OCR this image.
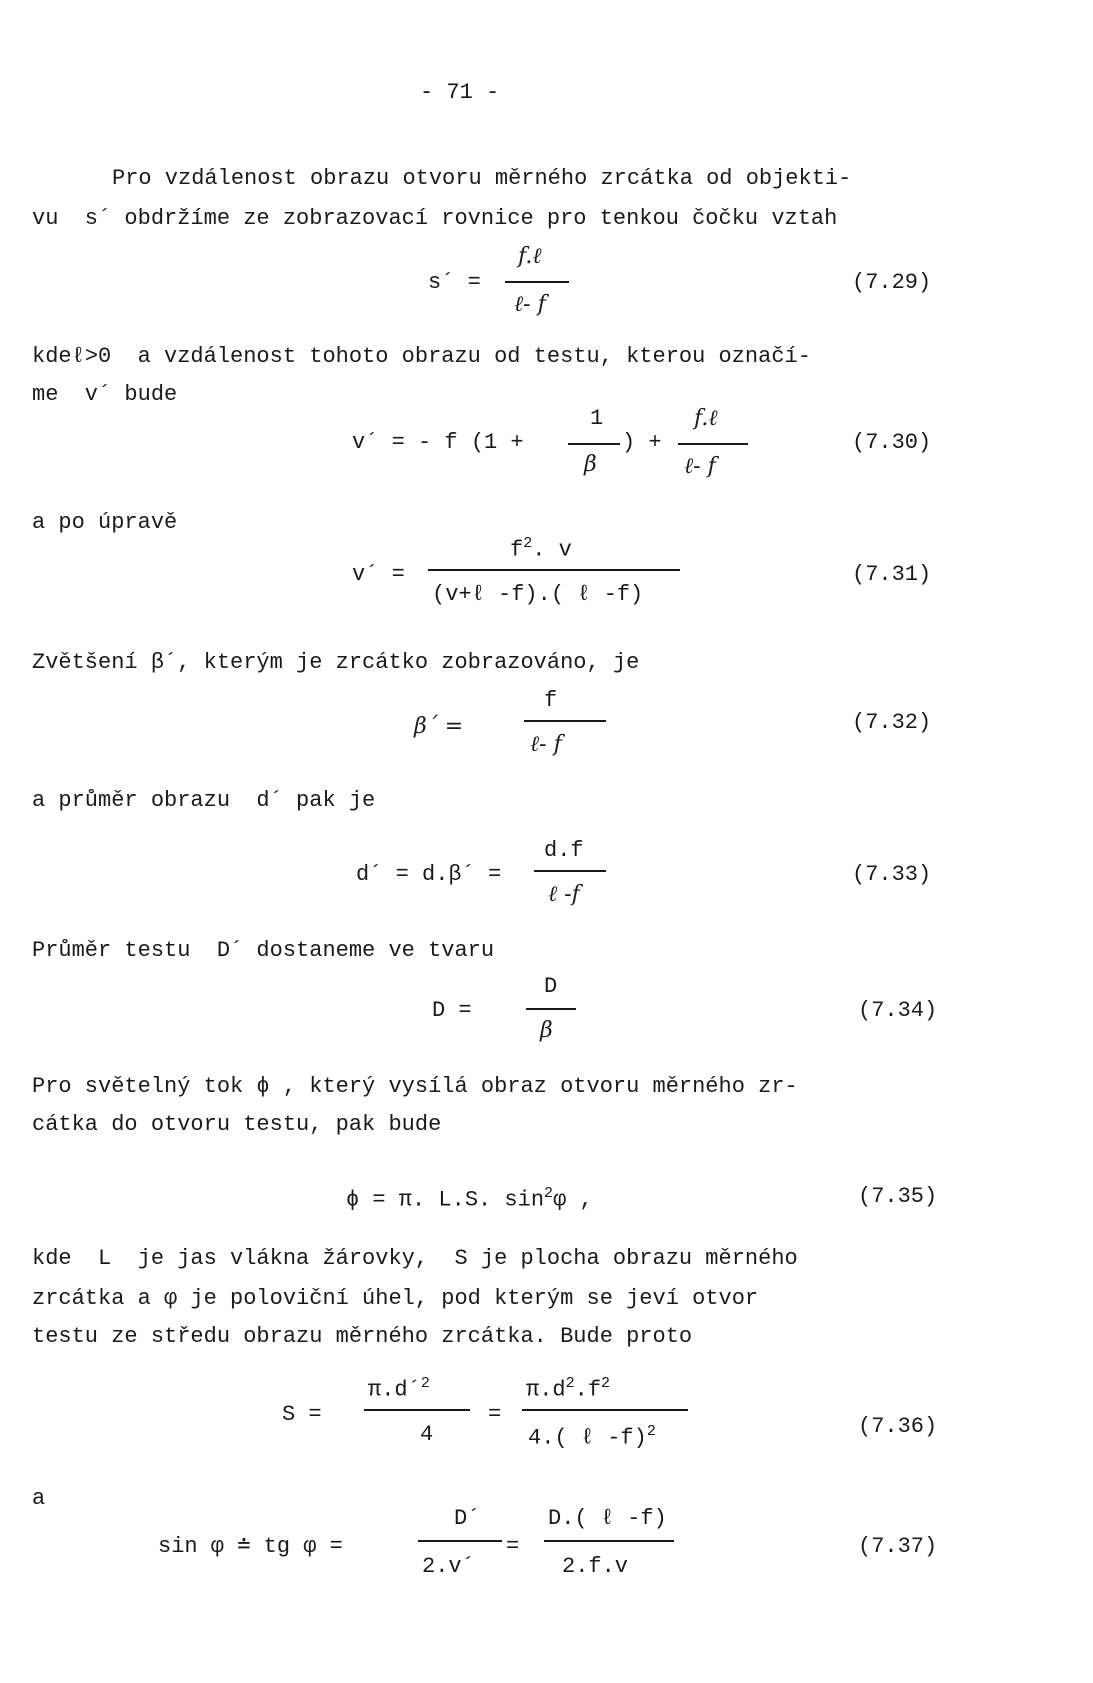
- 71 -
Pro vzdálenost obrazu otvoru měrného zrcátka od objekti-
vu  s´ obdržíme ze zobrazovací rovnice pro tenkou čočku vztah
s´ =
f.ℓ
ℓ- f
(7.29)
kdeℓ˃0  a vzdálenost tohoto obrazu od testu, kterou označí-
me  v´ bude
v´ = - f (1 +
1
β
) +
f.ℓ
ℓ- f
(7.30)
a po úpravě
v´ =
$f^2$. v
(v+ℓ -f).( ℓ -f)
(7.31)
Zvětšení β´, kterým je zrcátko zobrazováno, je
β´ =
f
ℓ- f
(7.32)
a průměr obrazu  d´ pak je
d´ = d.β´ =
d.f
ℓ -f
(7.33)
Průměr testu  D´ dostaneme ve tvaru
D =
D
β
(7.34)
Pro světelný tok ϕ , který vysílá obraz otvoru měrného zr-
cátka do otvoru testu, pak bude
ϕ = π. L.S. $\sin^2\varphi$ ,	(7.35)
kde  L  je jas vlákna žárovky,  S je plocha obrazu měrného
zrcátka a φ je poloviční úhel, pod kterým se jeví otvor
testu ze středu obrazu měrného zrcátka. Bude proto
S =
π.d´$^2$
4
=
$\pi.d^2.f^2$
4.( ℓ -f)$^2$	(7.36)
a
sin φ ≐ tg φ =
D´
2.v´
=
D.( ℓ -f)
2.f.v
(7.37)
